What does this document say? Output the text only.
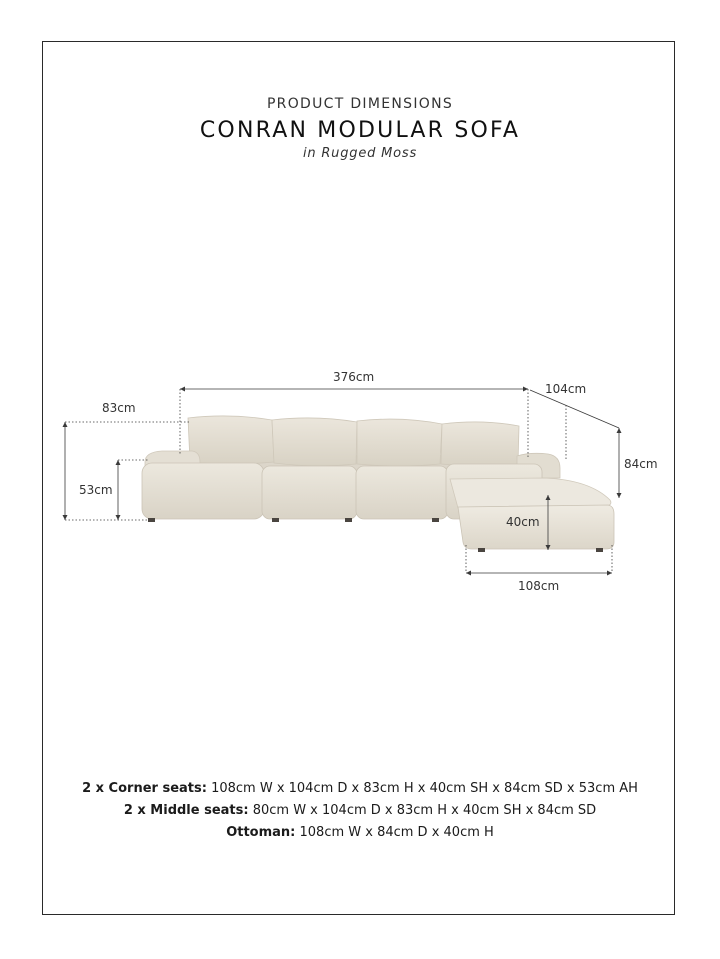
PRODUCT DIMENSIONS
CONRAN MODULAR SOFA
in Rugged Moss
376cm
104cm
83cm
53cm
84cm
40cm
108cm
2 x Corner seats: 108cm W x 104cm D x 83cm H x 40cm SH x 84cm SD x 53cm AH
2 x Middle seats: 80cm W x 104cm D x 83cm H x 40cm SH x 84cm SD
Ottoman: 108cm W x 84cm D x 40cm H
